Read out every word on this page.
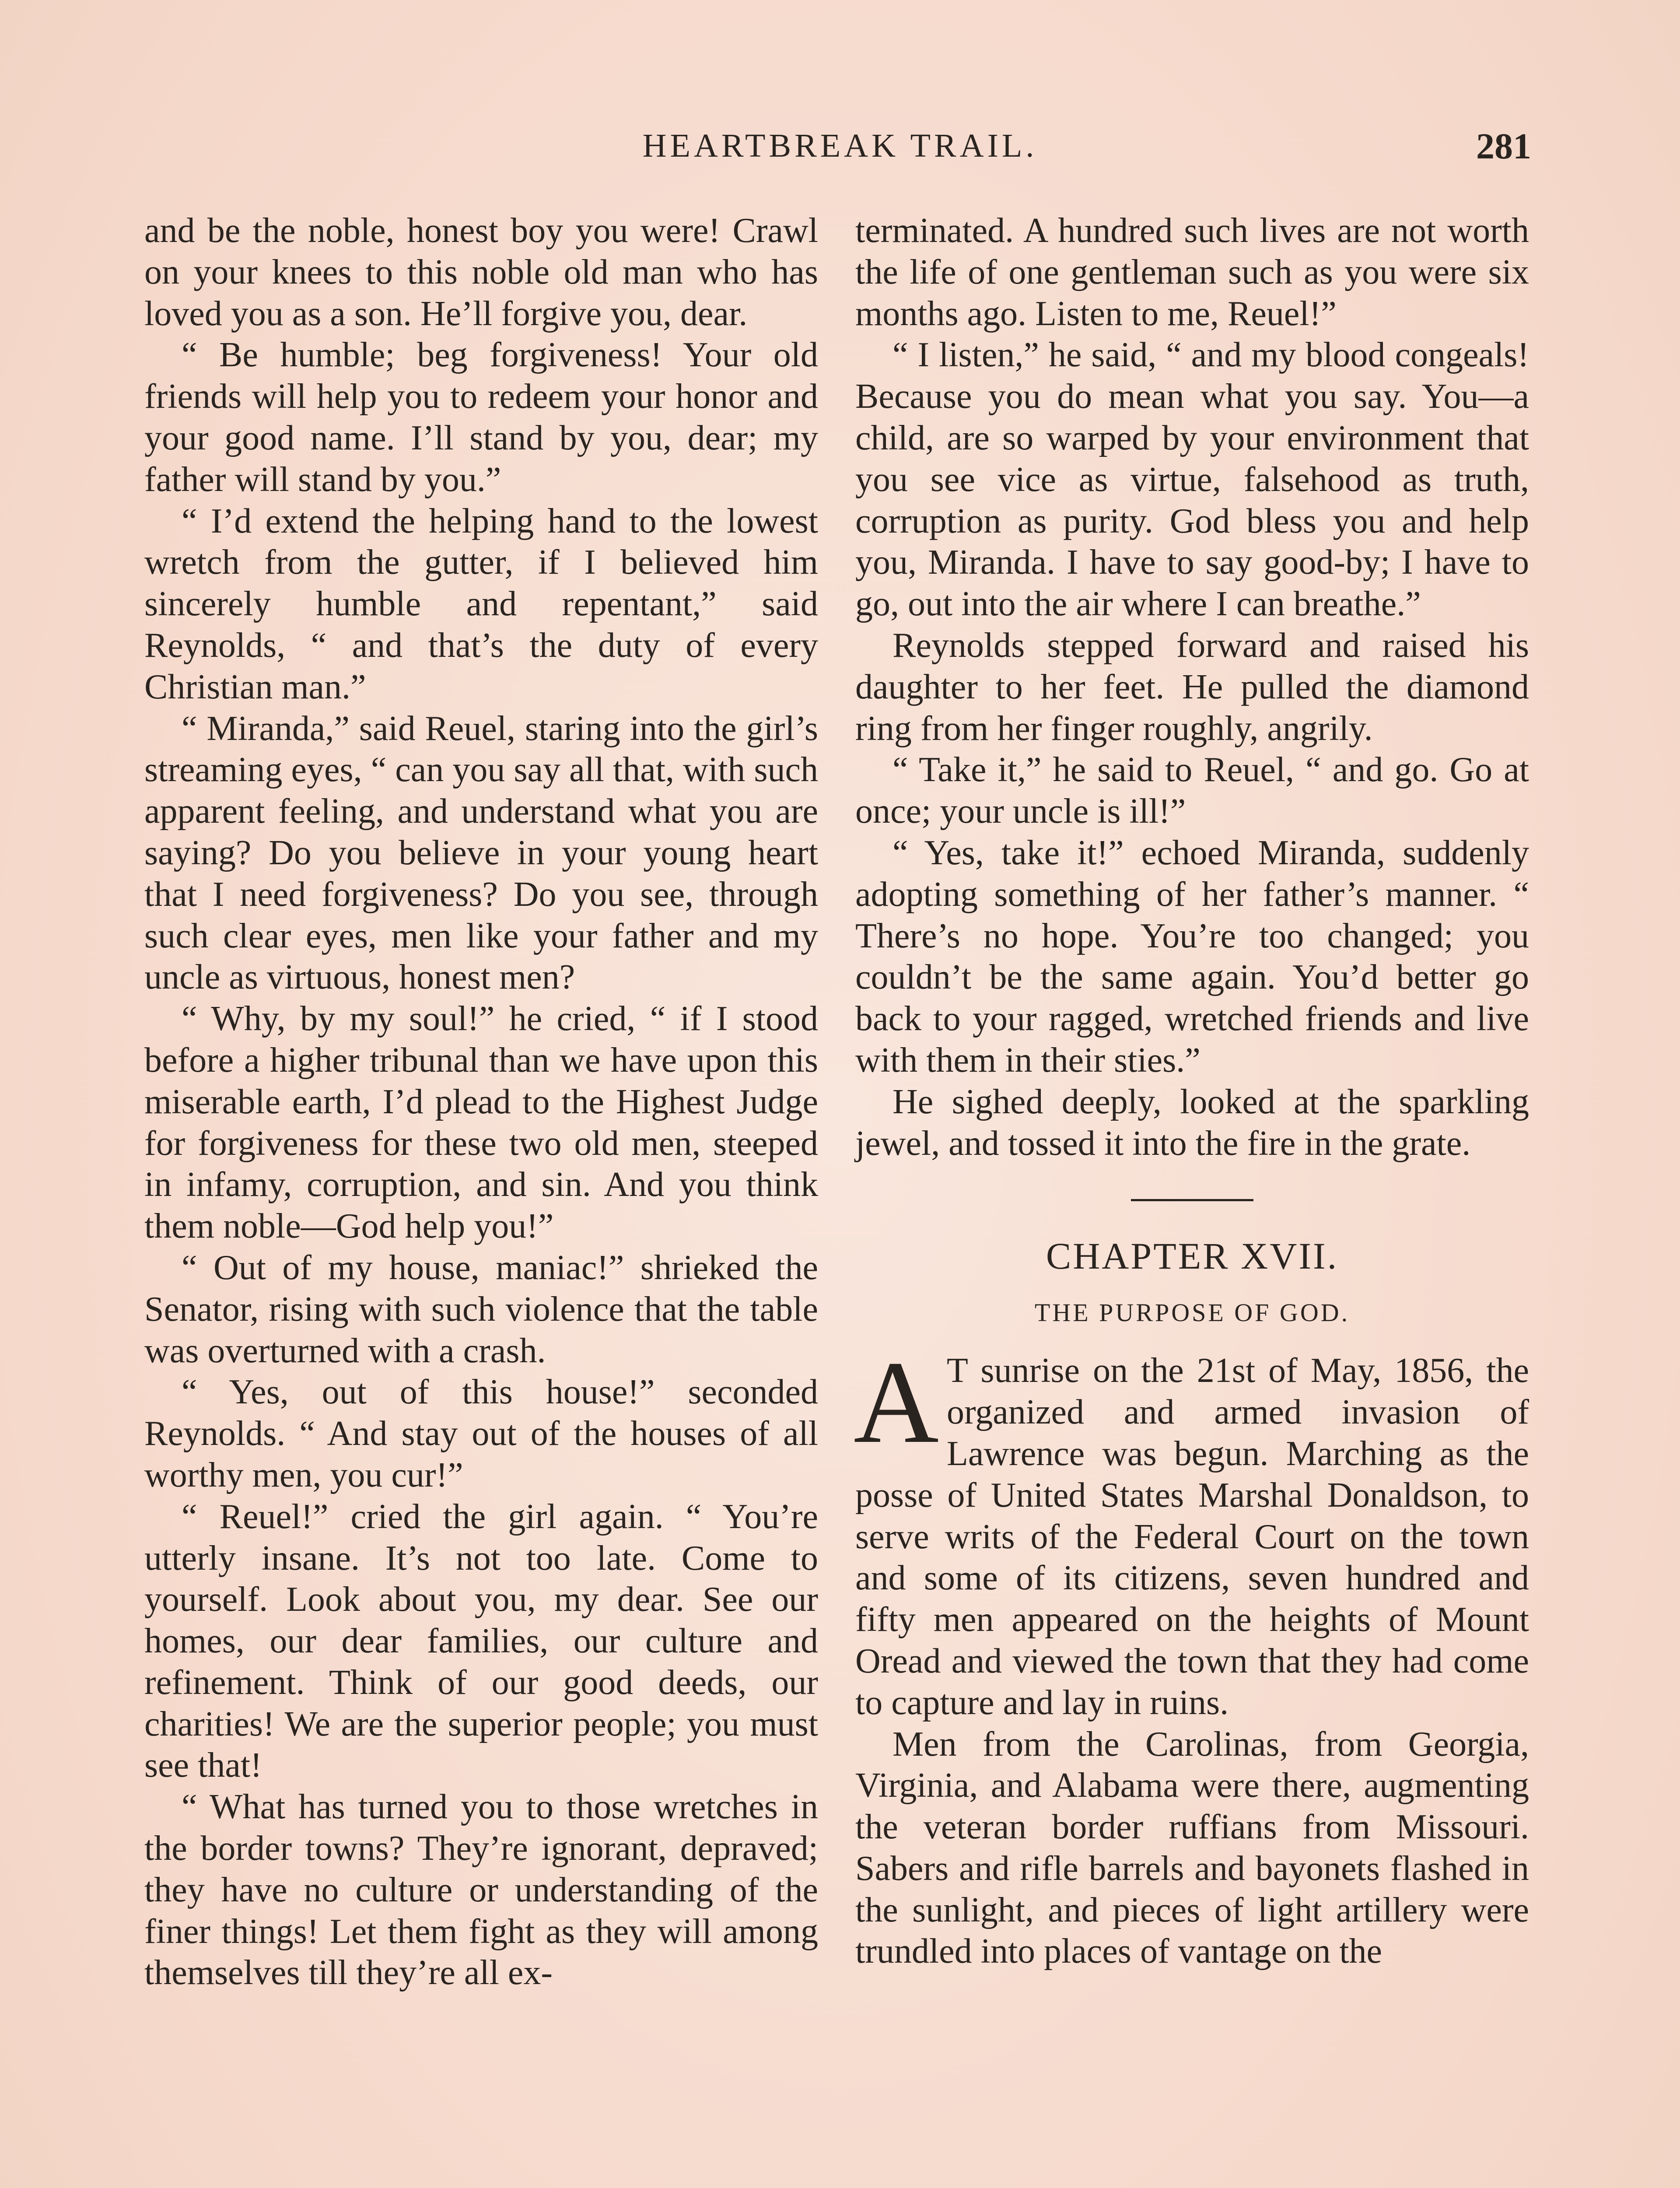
HEARTBREAK TRAIL.	281

and be the noble, honest boy you were! Crawl on your knees to this noble old man who has loved you as a son. He’ll forgive you, dear.

“ Be humble; beg forgiveness! Your old friends will help you to redeem your honor and your good name. I’ll stand by you, dear; my father will stand by you.”

“ I’d extend the helping hand to the lowest wretch from the gutter, if I believed him sincerely humble and repentant,” said Reynolds, “ and that’s the duty of every Christian man.”

“ Miranda,” said Reuel, staring into the girl’s streaming eyes, “ can you say all that, with such apparent feeling, and understand what you are saying? Do you believe in your young heart that I need forgiveness? Do you see, through such clear eyes, men like your father and my uncle as virtuous, honest men?

“ Why, by my soul!” he cried, “ if I stood before a higher tribunal than we have upon this miserable earth, I’d plead to the Highest Judge for forgiveness for these two old men, steeped in infamy, corruption, and sin. And you think them noble—God help you!”

“ Out of my house, maniac!” shrieked the Senator, rising with such violence that the table was overturned with a crash.

“ Yes, out of this house!” seconded Reynolds. “ And stay out of the houses of all worthy men, you cur!”

“ Reuel!” cried the girl again. “ You’re utterly insane. It’s not too late. Come to yourself. Look about you, my dear. See our homes, our dear families, our culture and refinement. Think of our good deeds, our charities! We are the superior people; you must see that!

“ What has turned you to those wretches in the border towns? They’re ignorant, depraved; they have no culture or understanding of the finer things! Let them fight as they will among themselves till they’re all ex-

terminated. A hundred such lives are not worth the life of one gentleman such as you were six months ago. Listen to me, Reuel!”

“ I listen,” he said, “ and my blood congeals! Because you do mean what you say. You—a child, are so warped by your environment that you see vice as virtue, falsehood as truth, corruption as purity. God bless you and help you, Miranda. I have to say good-by; I have to go, out into the air where I can breathe.”

Reynolds stepped forward and raised his daughter to her feet. He pulled the diamond ring from her finger roughly, angrily.

“ Take it,” he said to Reuel, “ and go. Go at once; your uncle is ill!”

“ Yes, take it!” echoed Miranda, suddenly adopting something of her father’s manner. “ There’s no hope. You’re too changed; you couldn’t be the same again. You’d better go back to your ragged, wretched friends and live with them in their sties.”

He sighed deeply, looked at the sparkling jewel, and tossed it into the fire in the grate.

CHAPTER XVII.
THE PURPOSE OF GOD.

A T sunrise on the 21st of May, 1856, the organized and armed invasion of Lawrence was begun. Marching as the posse of United States Marshal Donaldson, to serve writs of the Federal Court on the town and some of its citizens, seven hundred and fifty men appeared on the heights of Mount Oread and viewed the town that they had come to capture and lay in ruins.

Men from the Carolinas, from Georgia, Virginia, and Alabama were there, augmenting the veteran border ruffians from Missouri. Sabers and rifle barrels and bayonets flashed in the sunlight, and pieces of light artillery were trundled into places of vantage on the
